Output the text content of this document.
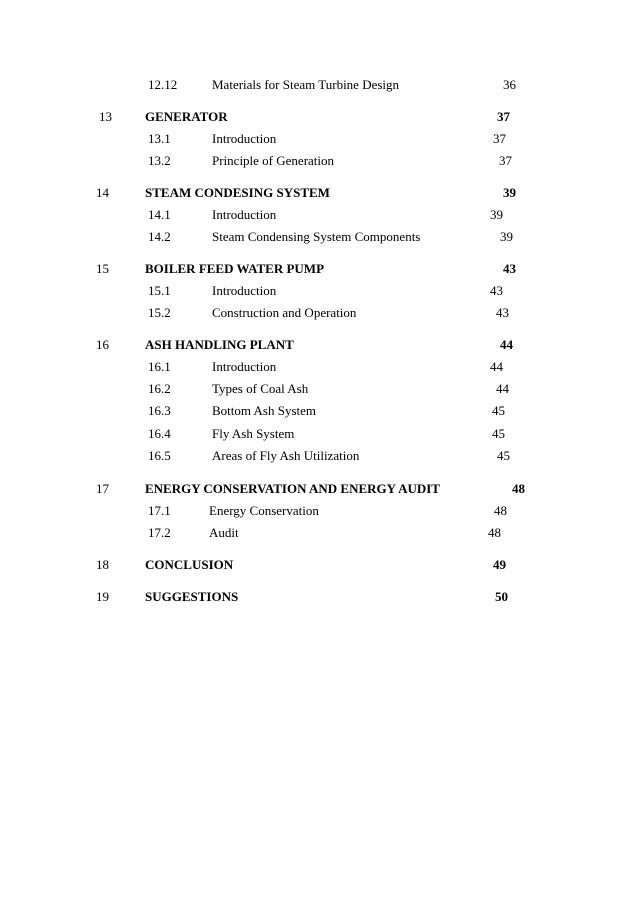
12.12	Materials for Steam Turbine Design	36
13	GENERATOR	37
13.1	Introduction	37
13.2	Principle of Generation	37
14	STEAM CONDESING SYSTEM	39
14.1	Introduction	39
14.2	Steam Condensing System Components	39
15	BOILER FEED WATER PUMP	43
15.1	Introduction	43
15.2	Construction and Operation	43
16	ASH HANDLING PLANT	44
16.1	Introduction	44
16.2	Types of Coal Ash	44
16.3	Bottom Ash System	45
16.4	Fly Ash System	45
16.5	Areas of Fly Ash Utilization	45
17	ENERGY CONSERVATION AND ENERGY AUDIT	48
17.1	Energy Conservation	48
17.2	Audit	48
18	CONCLUSION	49
19	SUGGESTIONS	50
